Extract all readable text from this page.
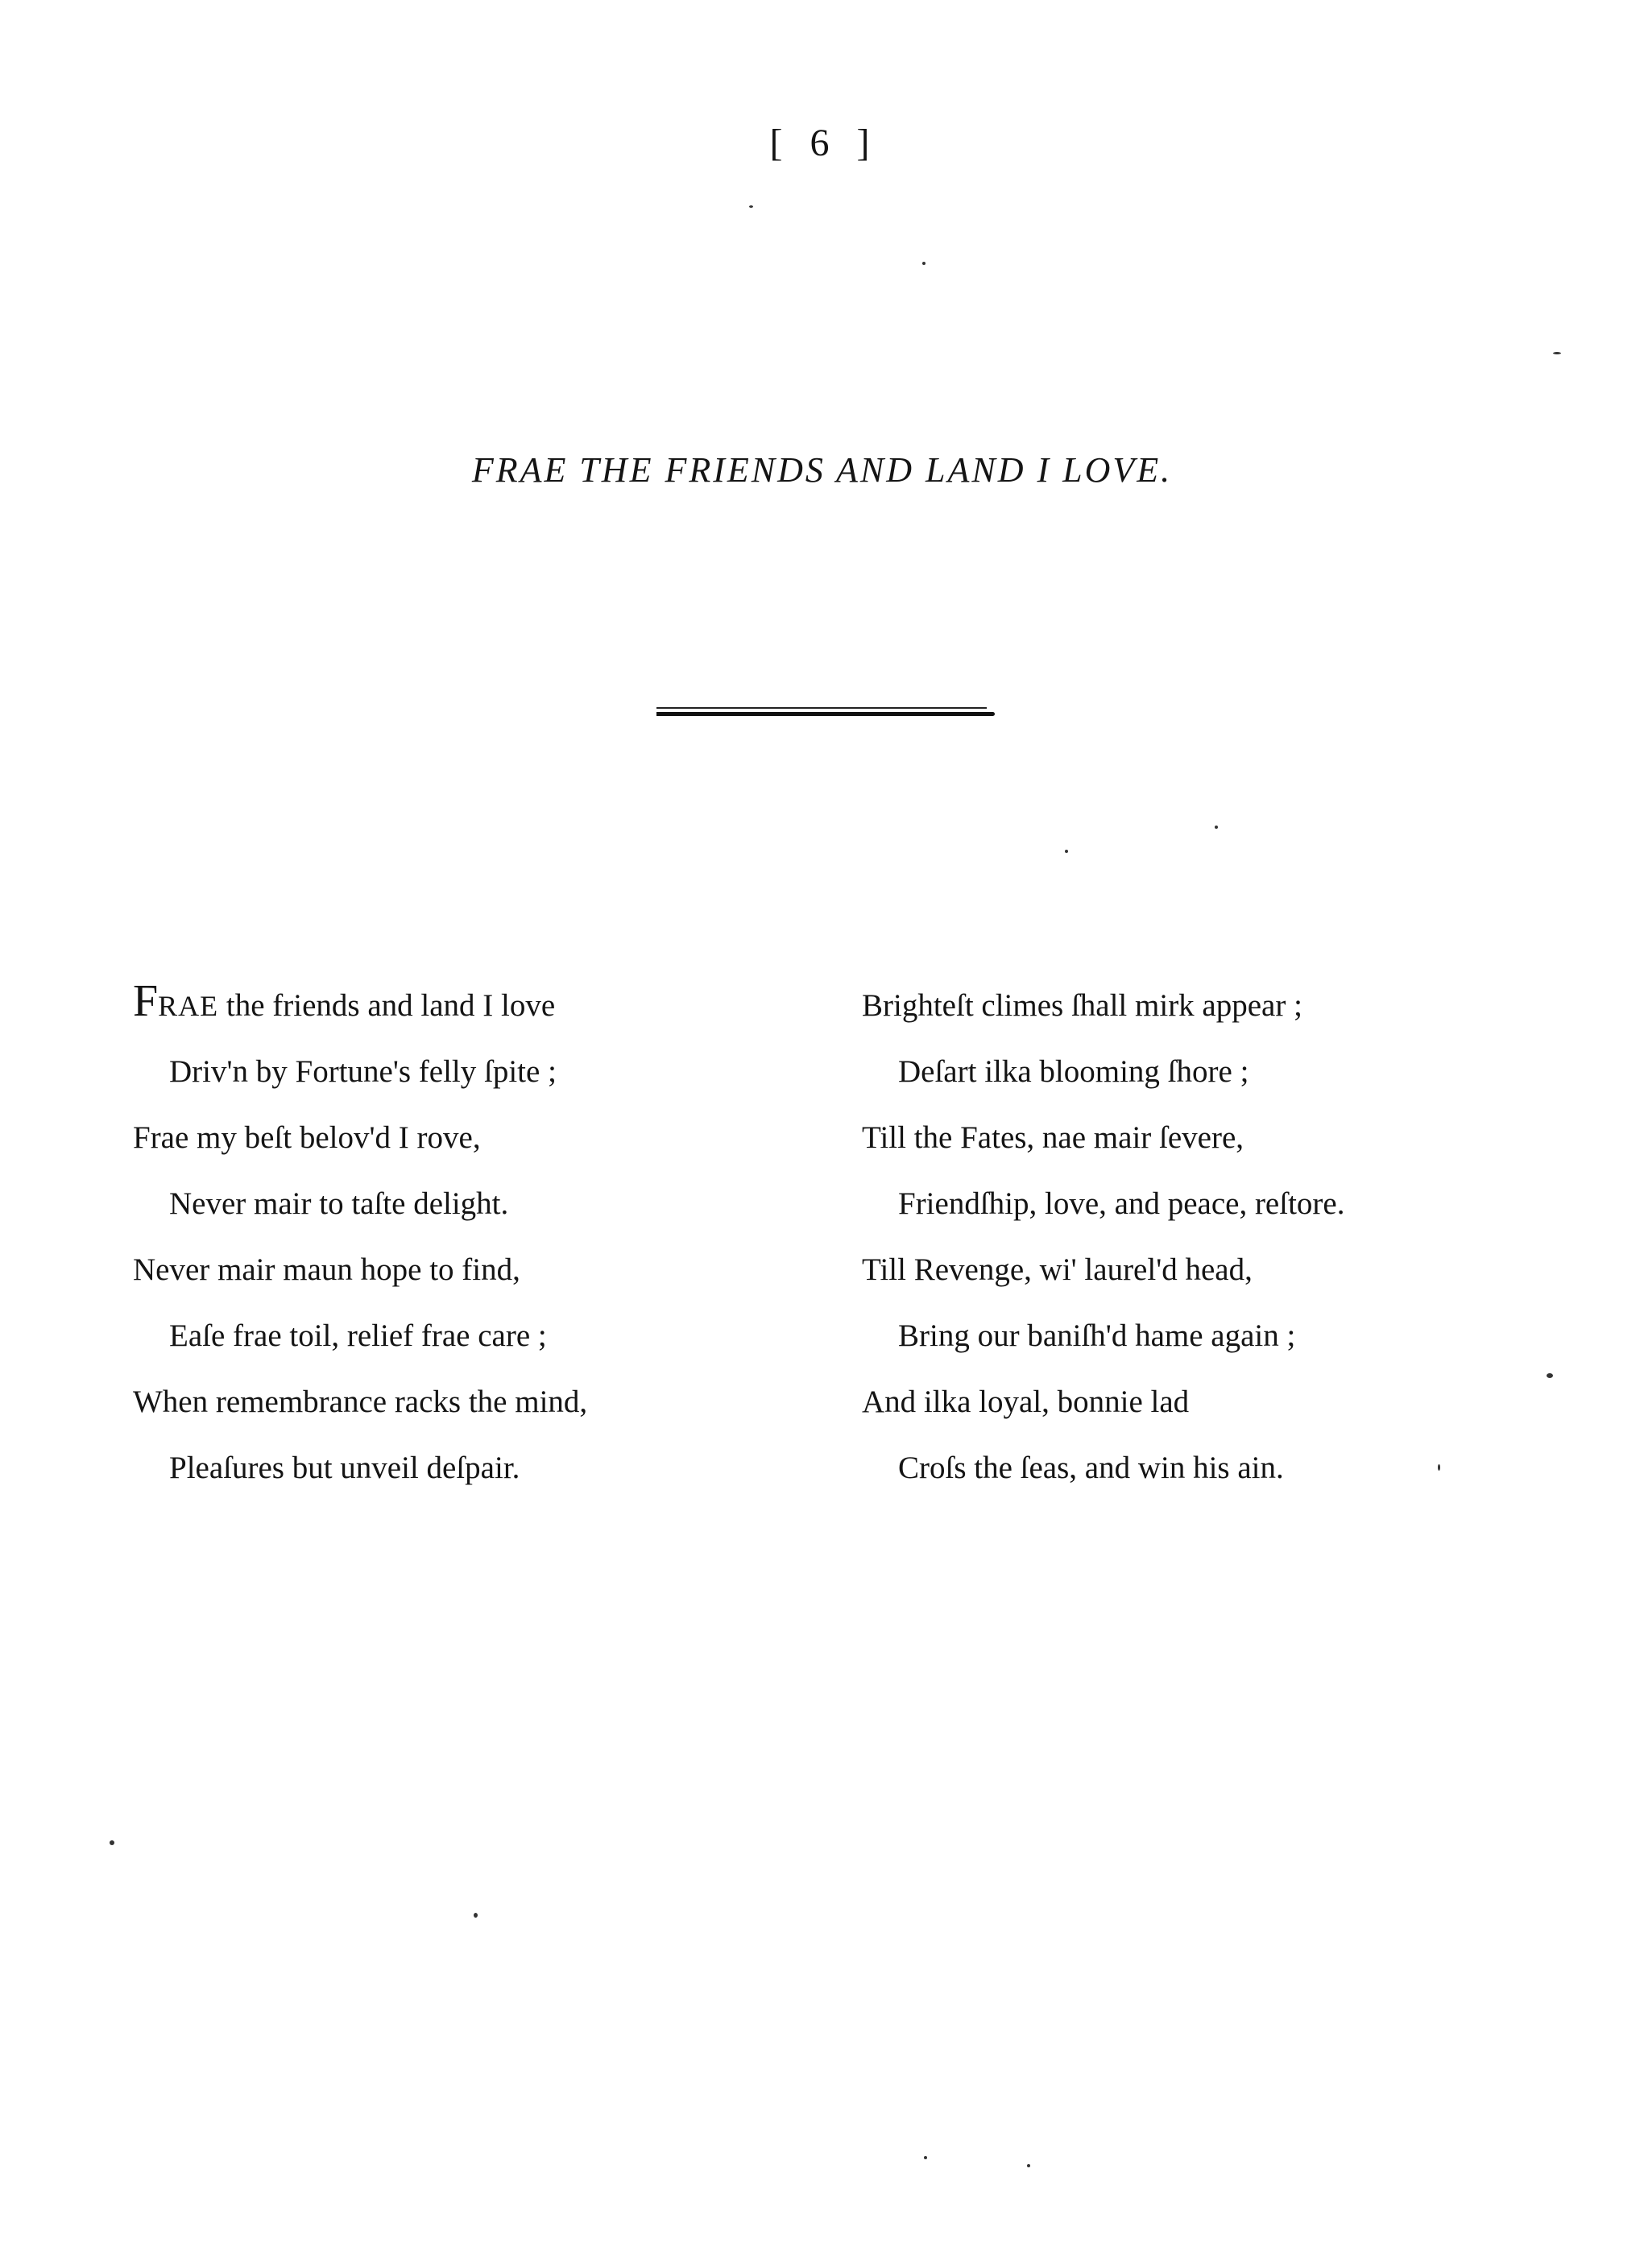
[ 6 ]
FRAE THE FRIENDS AND LAND I LOVE.
FRAE the friends and land I love
Driv'n by Fortune's felly ſpite ;
Frae my beſt belov'd I rove,
Never mair to taſte delight.
Never mair maun hope to find,
Eaſe frae toil, relief frae care ;
When remembrance racks the mind,
Pleaſures but unveil deſpair.
Brighteſt climes ſhall mirk appear ;
Deſart ilka blooming ſhore ;
Till the Fates, nae mair ſevere,
Friendſhip, love, and peace, reſtore.
Till Revenge, wi' laurel'd head,
Bring our baniſh'd hame again ;
And ilka loyal, bonnie lad
Croſs the ſeas, and win his ain.
